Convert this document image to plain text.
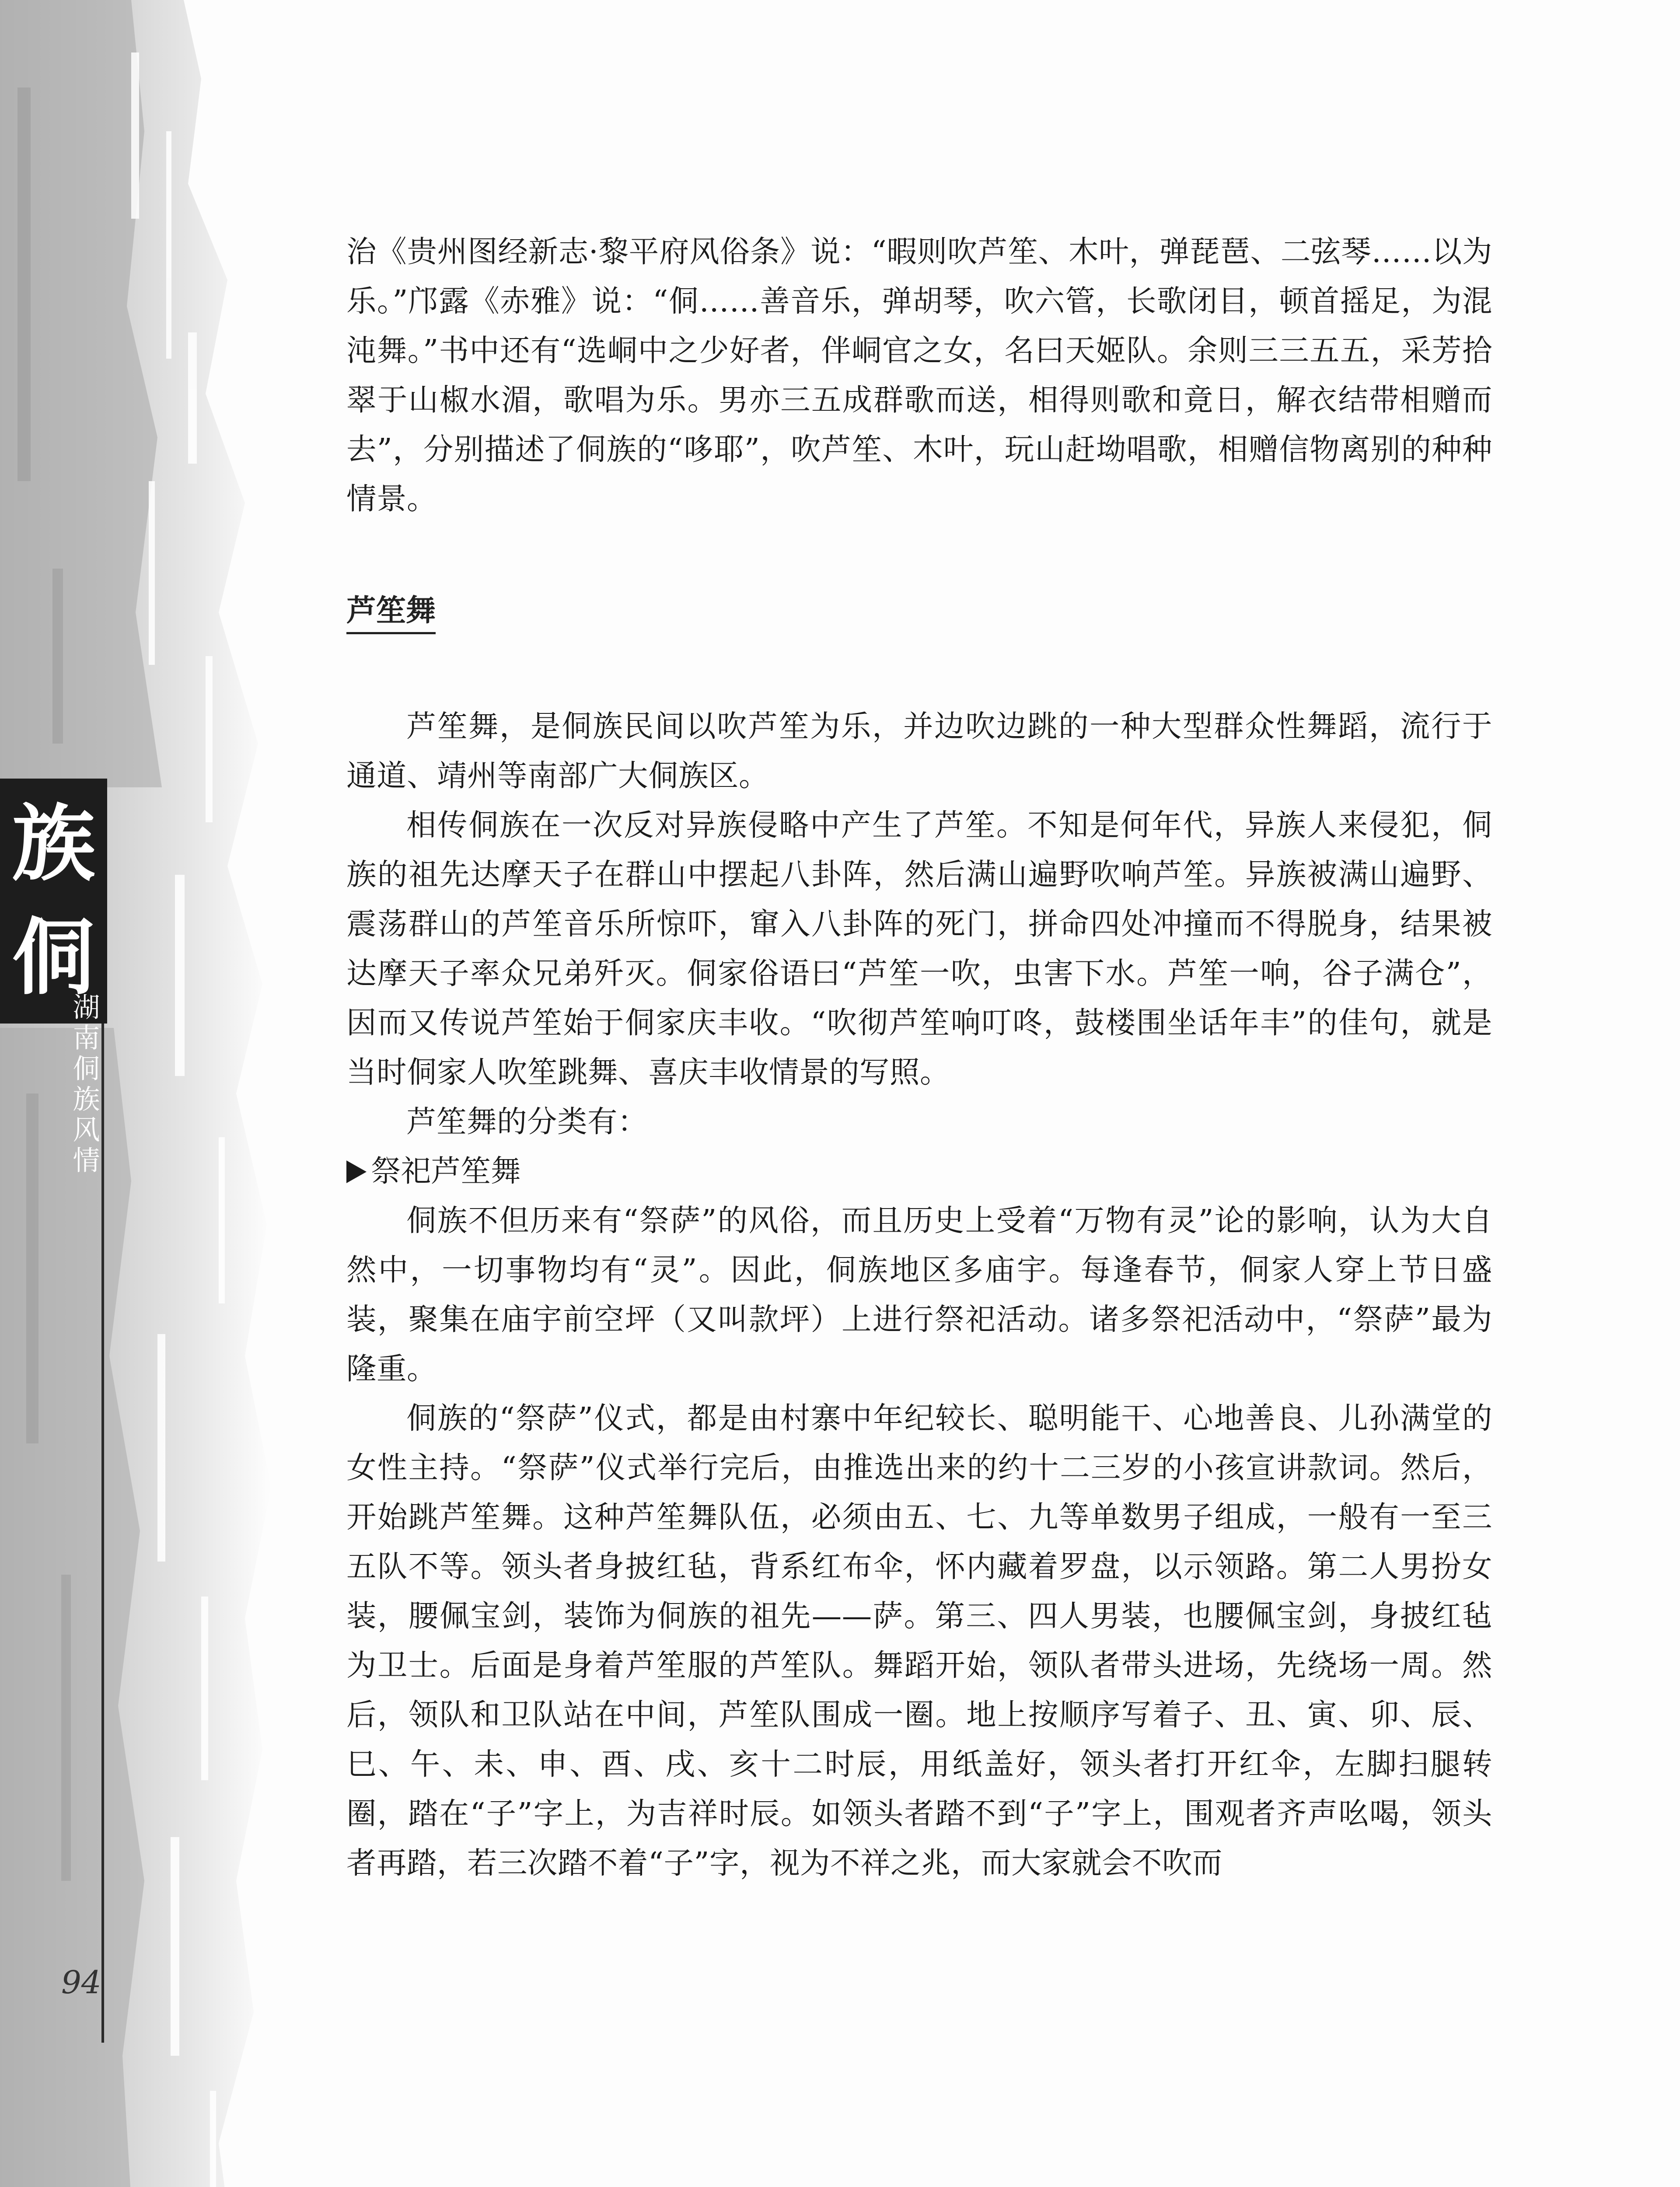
族
侗
湖南侗族风情
94

治《贵州图经新志·黎平府风俗条》说：“暇则吹芦笙、木叶，弹琵琶、二弦琴……以为乐。”邝露《赤雅》说：“侗……善音乐，弹胡琴，吹六管，长歌闭目，顿首摇足，为混沌舞。”书中还有“选峒中之少好者，伴峒官之女，名曰天姬队。余则三三五五，采芳拾翠于山椒水湄，歌唱为乐。男亦三五成群歌而送，相得则歌和竟日，解衣结带相赠而去”，分别描述了侗族的“哆耶”，吹芦笙、木叶，玩山赶坳唱歌，相赠信物离别的种种情景。

芦笙舞

芦笙舞，是侗族民间以吹芦笙为乐，并边吹边跳的一种大型群众性舞蹈，流行于通道、靖州等南部广大侗族区。

相传侗族在一次反对异族侵略中产生了芦笙。不知是何年代，异族人来侵犯，侗族的祖先达摩天子在群山中摆起八卦阵，然后满山遍野吹响芦笙。异族被满山遍野、震荡群山的芦笙音乐所惊吓，窜入八卦阵的死门，拼命四处冲撞而不得脱身，结果被达摩天子率众兄弟歼灭。侗家俗语曰“芦笙一吹，虫害下水。芦笙一响，谷子满仓”，因而又传说芦笙始于侗家庆丰收。“吹彻芦笙响叮咚，鼓楼围坐话年丰”的佳句，就是当时侗家人吹笙跳舞、喜庆丰收情景的写照。

芦笙舞的分类有：

祭祀芦笙舞

侗族不但历来有“祭萨”的风俗，而且历史上受着“万物有灵”论的影响，认为大自然中，一切事物均有“灵”。因此，侗族地区多庙宇。每逢春节，侗家人穿上节日盛装，聚集在庙宇前空坪（又叫款坪）上进行祭祀活动。诸多祭祀活动中，“祭萨”最为隆重。

侗族的“祭萨”仪式，都是由村寨中年纪较长、聪明能干、心地善良、儿孙满堂的女性主持。“祭萨”仪式举行完后，由推选出来的约十二三岁的小孩宣讲款词。然后，开始跳芦笙舞。这种芦笙舞队伍，必须由五、七、九等单数男子组成，一般有一至三五队不等。领头者身披红毡，背系红布伞，怀内藏着罗盘，以示领路。第二人男扮女装，腰佩宝剑，装饰为侗族的祖先——萨。第三、四人男装，也腰佩宝剑，身披红毡为卫士。后面是身着芦笙服的芦笙队。舞蹈开始，领队者带头进场，先绕场一周。然后，领队和卫队站在中间，芦笙队围成一圈。地上按顺序写着子、丑、寅、卯、辰、巳、午、未、申、酉、戌、亥十二时辰，用纸盖好，领头者打开红伞，左脚扫腿转圈，踏在“子”字上，为吉祥时辰。如领头者踏不到“子”字上，围观者齐声吆喝，领头者再踏，若三次踏不着“子”字，视为不祥之兆，而大家就会不吹而
